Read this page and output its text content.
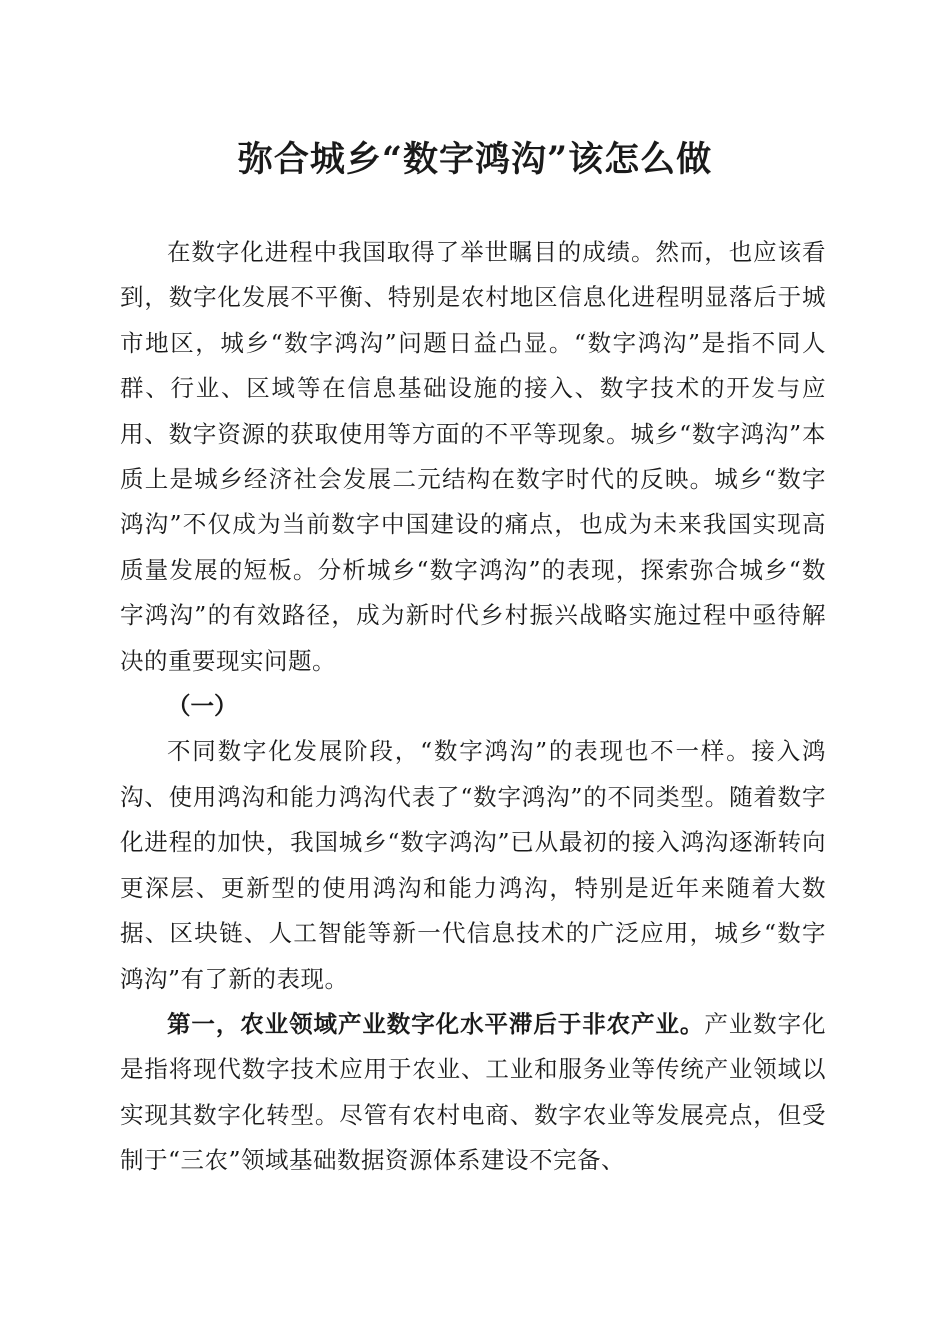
弥合城乡“数字鸿沟”该怎么做

在数字化进程中我国取得了举世瞩目的成绩。然而，也应该看到，数字化发展不平衡、特别是农村地区信息化进程明显落后于城市地区，城乡“数字鸿沟”问题日益凸显。“数字鸿沟”是指不同人群、行业、区域等在信息基础设施的接入、数字技术的开发与应用、数字资源的获取使用等方面的不平等现象。城乡“数字鸿沟”本质上是城乡经济社会发展二元结构在数字时代的反映。城乡“数字鸿沟”不仅成为当前数字中国建设的痛点，也成为未来我国实现高质量发展的短板。分析城乡“数字鸿沟”的表现，探索弥合城乡“数字鸿沟”的有效路径，成为新时代乡村振兴战略实施过程中亟待解决的重要现实问题。

（一）

不同数字化发展阶段，“数字鸿沟”的表现也不一样。接入鸿沟、使用鸿沟和能力鸿沟代表了“数字鸿沟”的不同类型。随着数字化进程的加快，我国城乡“数字鸿沟”已从最初的接入鸿沟逐渐转向更深层、更新型的使用鸿沟和能力鸿沟，特别是近年来随着大数据、区块链、人工智能等新一代信息技术的广泛应用，城乡“数字鸿沟”有了新的表现。

第一，农业领域产业数字化水平滞后于非农产业。产业数字化是指将现代数字技术应用于农业、工业和服务业等传统产业领域以实现其数字化转型。尽管有农村电商、数字农业等发展亮点，但受制于“三农”领域基础数据资源体系建设不完备、
